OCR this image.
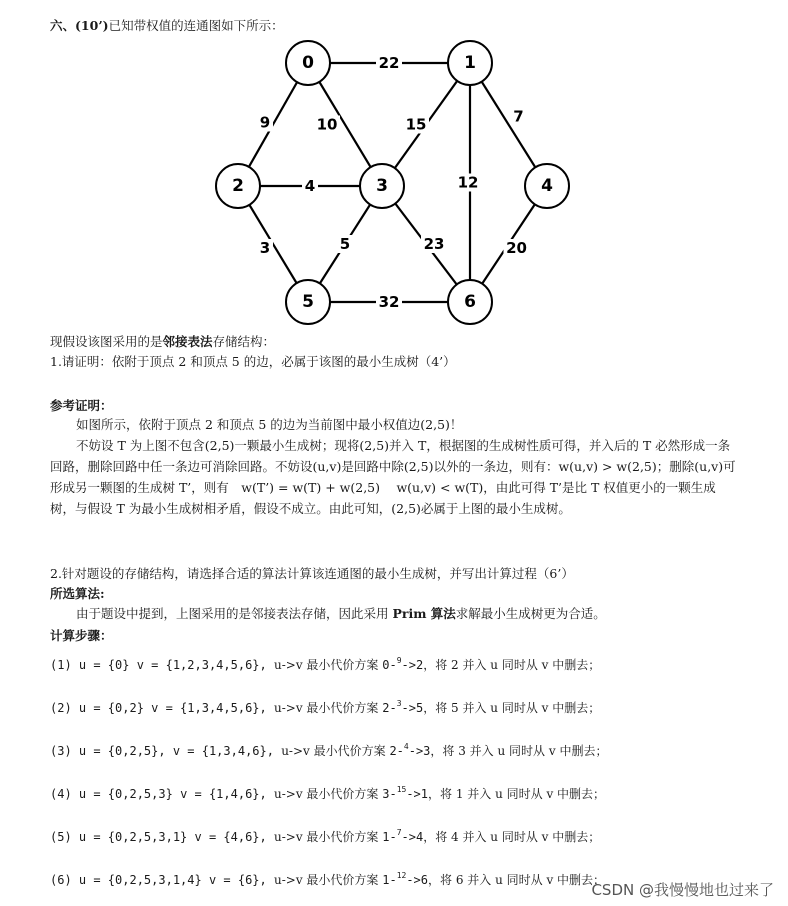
六、(10’)已知带权值的连通图如下所示：
22
9	10	15
12
7
4
3	5	23	20
32
0	1
2	3	4
5	6
现假设该图采用的是邻接表法存储结构：
1.请证明：依附于顶点 2 和顶点 5 的边，必属于该图的最小生成树（4’）
参考证明：
如图所示，依附于顶点 2 和顶点 5 的边为当前图中最小权值边(2,5)！
不妨设 T 为上图不包含(2,5)一颗最小生成树；现将(2,5)并入 T，根据图的生成树性质可得，并入后的 T 必然形成一条回路，删除回路中任一条边可消除回路。不妨设(u,v)是回路中除(2,5)以外的一条边，则有：w(u,v) > w(2,5)；删除(u,v)可形成另一颗图的生成树 T’，则有　w(T’) = w(T) + w(2,5)　 w(u,v) < w(T)，由此可得 T’是比 T 权值更小的一颗生成树，与假设 T 为最小生成树相矛盾，假设不成立。由此可知，(2,5)必属于上图的最小生成树。
2.针对题设的存储结构，请选择合适的算法计算该连通图的最小生成树，并写出计算过程（6’）
所选算法:
由于题设中提到，上图采用的是邻接表法存储，因此采用 Prim 算法求解最小生成树更为合适。
计算步骤：
(1) u = {0} v = {1,2,3,4,5,6}, u->v 最小代价方案 0-$^9$->2，将 2 并入 u 同时从 v 中删去；
(2) u = {0,2} v = {1,3,4,5,6}, u->v 最小代价方案 2-$^3$->5，将 5 并入 u 同时从 v 中删去；
(3) u = {0,2,5}, v = {1,3,4,6}, u->v 最小代价方案 2-$^4$->3，将 3 并入 u 同时从 v 中删去；
(4) u = {0,2,5,3} v = {1,4,6}, u->v 最小代价方案 3-$^{15}$->1，将 1 并入 u 同时从 v 中删去；
(5) u = {0,2,5,3,1} v = {4,6}, u->v 最小代价方案 1-$^7$->4，将 4 并入 u 同时从 v 中删去；
(6) u = {0,2,5,3,1,4} v = {6}, u->v 最小代价方案 1-$^{12}$->6，将 6 并入 u 同时从 v 中删去；
CSDN @我慢慢地也过来了
